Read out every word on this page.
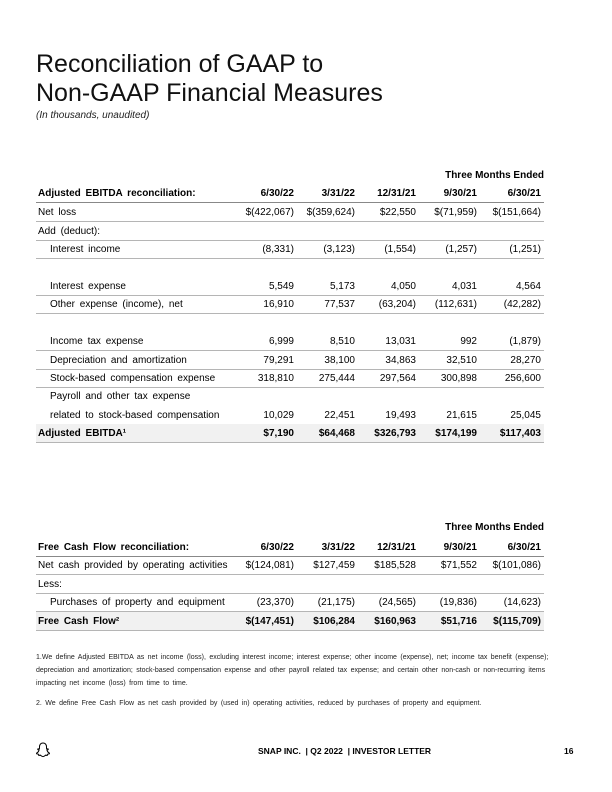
Reconciliation of GAAP to
Non-GAAP Financial Measures
(In thousands, unaudited)
Three Months Ended
Adjusted EBITDA reconciliation:	6/30/22	3/31/22	12/31/21	9/30/21	6/30/21
Net loss	$(422,067)	$(359,624)	$22,550	$(71,959)	$(151,664)
Add (deduct):
Interest income	(8,331)	(3,123)	(1,554)	(1,257)	(1,251)
Interest expense	5,549	5,173	4,050	4,031	4,564
Other expense (income), net	16,910	77,537	(63,204)	(112,631)	(42,282)
Income tax expense	6,999	8,510	13,031	992	(1,879)
Depreciation and amortization	79,291	38,100	34,863	32,510	28,270
Stock-based compensation expense	318,810	275,444	297,564	300,898	256,600
Payroll and other tax expense
related to stock-based compensation	10,029	22,451	19,493	21,615	25,045
Adjusted EBITDA¹	$7,190	$64,468	$326,793	$174,199	$117,403
Three Months Ended
Free Cash Flow reconciliation:	6/30/22	3/31/22	12/31/21	9/30/21	6/30/21
Net cash provided by operating activities	$(124,081)	$127,459	$185,528	$71,552	$(101,086)
Less:
Purchases of property and equipment	(23,370)	(21,175)	(24,565)	(19,836)	(14,623)
Free Cash Flow²	$(147,451)	$106,284	$160,963	$51,716	$(115,709)
1.We define Adjusted EBITDA as net income (loss), excluding interest income; interest expense; other income (expense), net; income tax benefit (expense); depreciation and amortization; stock-based compensation expense and other payroll related tax expense; and certain other non-cash or non-recurring items impacting net income (loss) from time to time.
2. We define Free Cash Flow as net cash provided by (used in) operating activities, reduced by purchases of property and equipment.
SNAP INC.  | Q2 2022  | INVESTOR LETTER	16
